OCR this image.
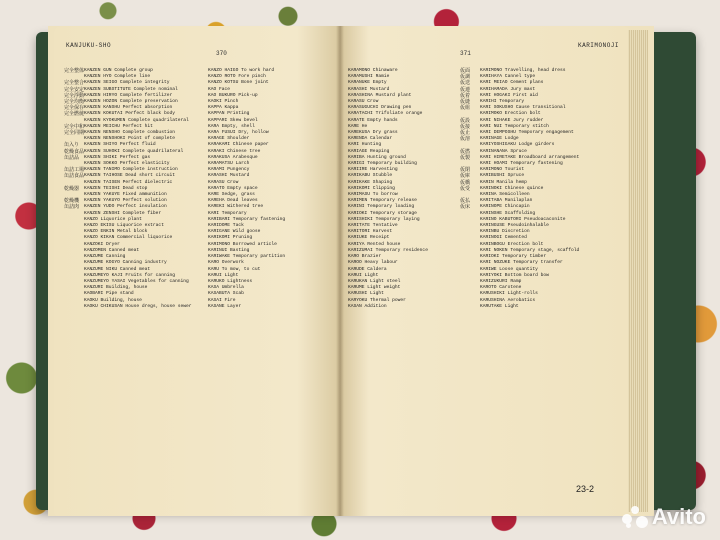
KANJUKU-SHO
370
KARIMONOJI
371
完全整体

完全整合
完全安定
完全浮動
完全均衡
完全保存
完全燃焼

完全中和
完全同期

缶入り
乾燥食品
缶詰品

缶詰工場
缶詰食品

乾燥器

乾燥機
缶詰肉
KANZEN GUN Complete group
KANZEN HYO Complete line
KANZEN SEIGO Complete integrity
KANZEN SUBSTITUTE Complete nominal
KANZEN HIRYO Complete fertilizer
KANZEN HOZON Complete preservation
KANZEN KANSHU Perfect absorption
KANZEN KOKUTAI Perfect black body
KANZEN KYOKUMEN Complete quadrilateral
KANZEN MEICHU Perfect hit
KANZEN NENSHO Complete combustion
KANZEN NENSHOKI Point of complete
KANZEN SHIYO Perfect fluid
KANZEN SUHOKI Complete quadrilateral
KANZEN SHIKI Perfect gas
KANZEN SOKKO Perfect elasticity
KANZEN TANIMO Complete instruction
KANZEN TAIHOSE Dead short circuit
KANZEN TAISEN Perfect dielectric
KANZEN TEISHI Dead stop
KANZEN YAKUYE Fixed ammunition
KANZEN YAKUYO Perfect solution
KANZEN YUDO Perfect insulation
KANZEN ZENSHI Complete fiber
KANZO Liquorice plant
KANZO EKISU Liquorice extract
KANZO ENKIN Metal block
KANZO KIKAN Commercial liquorice
KANZOKI Dryer
KANZOMEN Canned meat
KANZUME Canning
KANZUME KOGYO Canning industry
KANZUME NIKU Canned meat
KANZUMEYO KAJI Fruits for canning
KANZUMEYO YASAI Vegetables for canning
KANZURI Building, house
KAOBARI Pipe stand
KAOKU Building, house
KAOKU CHIKUSAN House dregs, house sewer
KANZO HAIGO To work hard
KANZO ROTO Fore pinch
KANZO KOTSU Bone joint
KAO Face
KAO BUKURO Pick-up
KAOKI Pinch
KAPPA Kappa
KAPPAN Printing
KAPPARI Skew bevel
KARA Empty, shell
KARA FUSUI Dry, hollow
KARAGE Shoulder
KARAKAMI Chinese paper
KARAKI Chinese tree
KARAKUSA Arabesque
KARAMATSU Larch
KARAMI Pungency
KARASHI Mustard
KARASU Crow
KARATO Empty space
KARE Sedge, grass
KAREHA Dead leaves
KAREKI Withered tree
KARI Temporary
KARIBARI Temporary fastening
KARIDOME Tack
KARIGANE Wild goose
KARIKOMI Pruning
KARIMONO Borrowed article
KARINUI Basting
KARIWAKE Temporary partition
KARO Overwork
KARU To mow, to cut
KARUI Light
KARUKO Lightness
KASA Umbrella
KASABUTA Scab
KASAI Fire
KASANE Layer
KARAMONO Chinaware
KARAMUSHI Ramie
KARANUKE Empty
KARASHI Mustard
KARASHINA Mustard plant
KARASU Crow
KARASUGUCHI Drawing pen
KARATACHI Trifoliate orange
KARATE Empty hands
KARE He
KAREKUSA Dry grass
KARENDA Calendar
KARI Hunting
KARIAGE Reaping
KARIBA Hunting ground
KARIGI Temporary building
KARIIRE Harvesting
KARIKABU Stubble
KARIKAKE Shaping
KARIKOMI Clipping
KARIMASU To borrow
KARIMEN Temporary release
KARINI Temporary loading
KARIOKI Temporary storage
KARISHIKI Temporary laying
KARITATE Tentative
KARITORI Harvest
KARIUKE Receipt
KARIYA Rented house
KARIZUMAI Temporary residence
KARO Brazier
KAROO Heavy labour
KARUDE Caldera
KARUI Light
KARUKAN Light steel
KARUME Light weight
KARUSHI Light
KARYOKU Thermal power
KASAN Addition
仮面
仮調
仮送
仮連
仮着
仮縫
仮組

仮設
仮接
仮止
仮溶

仮撚
仮製

仮閉
仮庫
仮橋
仮受

仮払
仮床
KARIMONO Travelling, head dress
KARIHAYA Cannel type
KARI MEIAO Cement plans
KARIHAMADA Jury mast
KARI HOGAKI First aid
KARIHI Temporary
KARI SOKUSHO Cause transitional
KARIMOKO Erection bolt
KARI NIHAKE Jury rudder
KARI NUI Temporary stitch
KARI DEMPOSHU Temporary engagement
KARINAGE Lodge
KARIYOSHIGAKU Lodge girders
KARINANANA Spruce
KARI HIRETAKE Broadboard arrangement
KARI HOAMI Temporary fastening
KARIMONO Tourist
KARIBUSHI Spruce
KARIN Manila hemp
KARINOKI Chinese quince
KARINA Semicolleen
KARITABA Manilaplan
KARINOPE Chincapin
KARINSHE Scaffolding
KARINO KABUTORI Pseudoacaconite
KARINGUSE Pseudoinhalable
KARINBU Discretion
KARINOGI Cemented
KARINBOGU Erection bolt
KARI NOKEN Temporary stage, scaffold
KARIOKI Temporary timber
KARI NOZUKE Temporary transfer
KARIWE Loose quantity
KARIYOKI Bottom board bow
KARIZUKURI Ramp
KAROTO Carotene
KARUSHIKI Light-rolls
KARUSHINA Aerobatics
KARUTAKE Light
23-2
Avito
